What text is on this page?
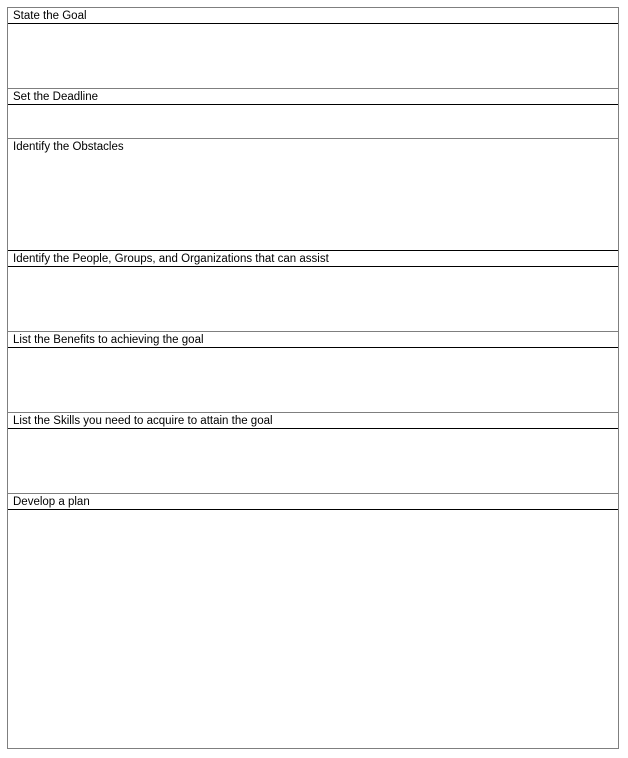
State the Goal
Set the Deadline
Identify the Obstacles
Identify the People, Groups, and Organizations that can assist
List the Benefits to achieving the goal
List the Skills you need to acquire to attain the goal
Develop a plan
